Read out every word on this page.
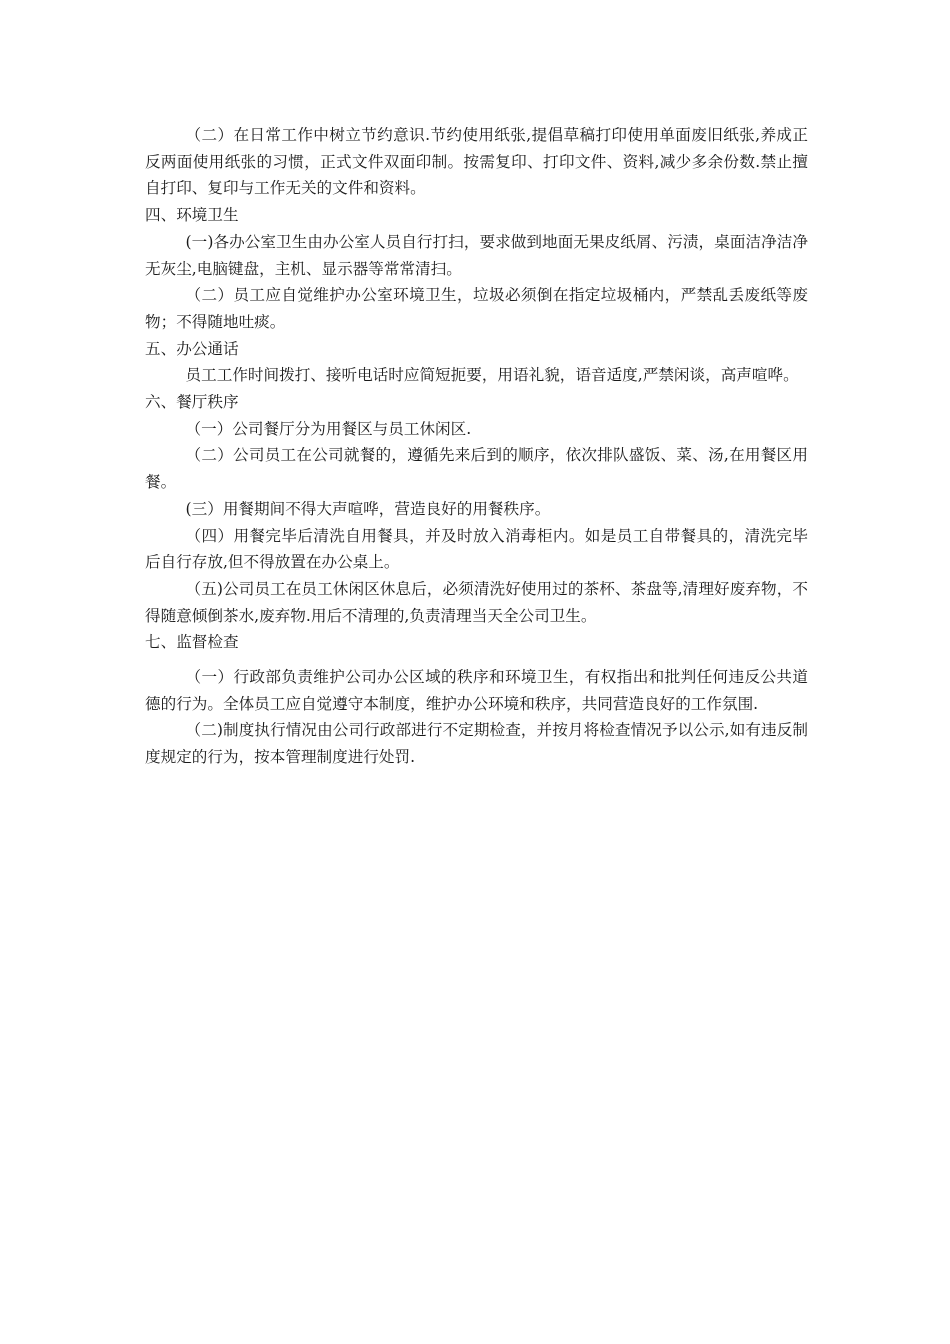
（二）在日常工作中树立节约意识.节约使用纸张,提倡草稿打印使用单面废旧纸张,养成正反两面使用纸张的习惯，正式文件双面印制。按需复印、打印文件、资料,减少多余份数.禁止擅自打印、复印与工作无关的文件和资料。

四、环境卫生

(一)各办公室卫生由办公室人员自行打扫，要求做到地面无果皮纸屑、污渍，桌面洁净洁净无灰尘,电脑键盘，主机、显示器等常常清扫。

（二）员工应自觉维护办公室环境卫生，垃圾必须倒在指定垃圾桶内，严禁乱丢废纸等废物；不得随地吐痰。

五、办公通话

员工工作时间拨打、接听电话时应简短扼要，用语礼貌，语音适度,严禁闲谈，高声喧哗。

六、餐厅秩序

（一）公司餐厅分为用餐区与员工休闲区.

（二）公司员工在公司就餐的，遵循先来后到的顺序，依次排队盛饭、菜、汤,在用餐区用餐。

(三）用餐期间不得大声喧哗，营造良好的用餐秩序。

（四）用餐完毕后清洗自用餐具，并及时放入消毒柜内。如是员工自带餐具的，清洗完毕后自行存放,但不得放置在办公桌上。

（五)公司员工在员工休闲区休息后，必须清洗好使用过的茶杯、茶盘等,清理好废弃物，不得随意倾倒茶水,废弃物.用后不清理的,负责清理当天全公司卫生。

七、监督检查

（一）行政部负责维护公司办公区域的秩序和环境卫生，有权指出和批判任何违反公共道德的行为。全体员工应自觉遵守本制度，维护办公环境和秩序，共同营造良好的工作氛围.

（二)制度执行情况由公司行政部进行不定期检查，并按月将检查情况予以公示,如有违反制度规定的行为，按本管理制度进行处罚.
